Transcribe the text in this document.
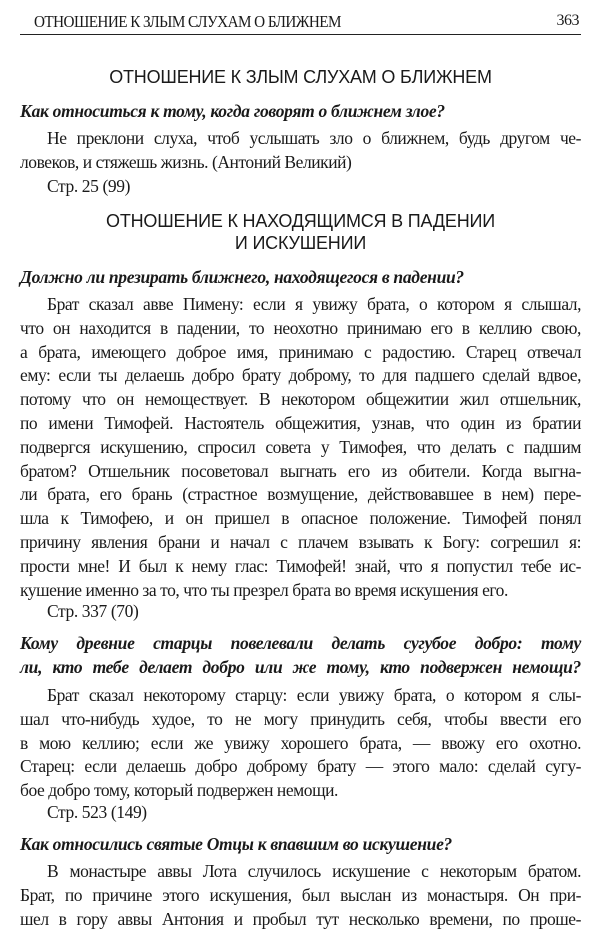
ОТНОШЕНИЕ К ЗЛЫМ СЛУХАМ О БЛИЖНЕМ	363
ОТНОШЕНИЕ К ЗЛЫМ СЛУХАМ О БЛИЖНЕМ
Как относиться к тому, когда говорят о ближнем злое?
Не преклони слуха, чтоб услышать зло о ближнем, будь другом че-
ловеков, и стяжешь жизнь. (Антоний Великий)
Стр. 25 (99)
ОТНОШЕНИЕ К НАХОДЯЩИМСЯ В ПАДЕНИИ
И ИСКУШЕНИИ
Должно ли презирать ближнего, находящегося в падении?
Брат сказал авве Пимену: если я увижу брата, о котором я слышал,
что он находится в падении, то неохотно принимаю его в келлию свою,
а брата, имеющего доброе имя, принимаю с радостию. Старец отвечал
ему: если ты делаешь добро брату доброму, то для падшего сделай вдвое,
потому что он немоществует. В некотором общежитии жил отшельник,
по имени Тимофей. Настоятель общежития, узнав, что один из братии
подвергся искушению, спросил совета у Тимофея, что делать с падшим
братом? Отшельник посоветовал выгнать его из обители. Когда выгна-
ли брата, его брань (страстное возмущение, действовавшее в нем) пере-
шла к Тимофею, и он пришел в опасное положение. Тимофей понял
причину явления брани и начал с плачем взывать к Богу: согрешил я:
прости мне! И был к нему глас: Тимофей! знай, что я попустил тебе ис-
кушение именно за то, что ты презрел брата во время искушения его.
Стр. 337 (70)
Кому древние старцы повелевали делать сугубое добро: тому
ли, кто тебе делает добро или же тому, кто подвержен немощи?
Брат сказал некоторому старцу: если увижу брата, о котором я слы-
шал что-нибудь худое, то не могу принудить себя, чтобы ввести его
в мою келлию; если же увижу хорошего брата, — ввожу его охотно.
Старец: если делаешь добро доброму брату — этого мало: сделай сугу-
бое добро тому, который подвержен немощи.
Стр. 523 (149)
Как относились святые Отцы к впавшим во искушение?
В монастыре аввы Лота случилось искушение с некоторым братом.
Брат, по причине этого искушения, был выслан из монастыря. Он при-
шел в гору аввы Антония и пробыл тут несколько времени, по проше-
